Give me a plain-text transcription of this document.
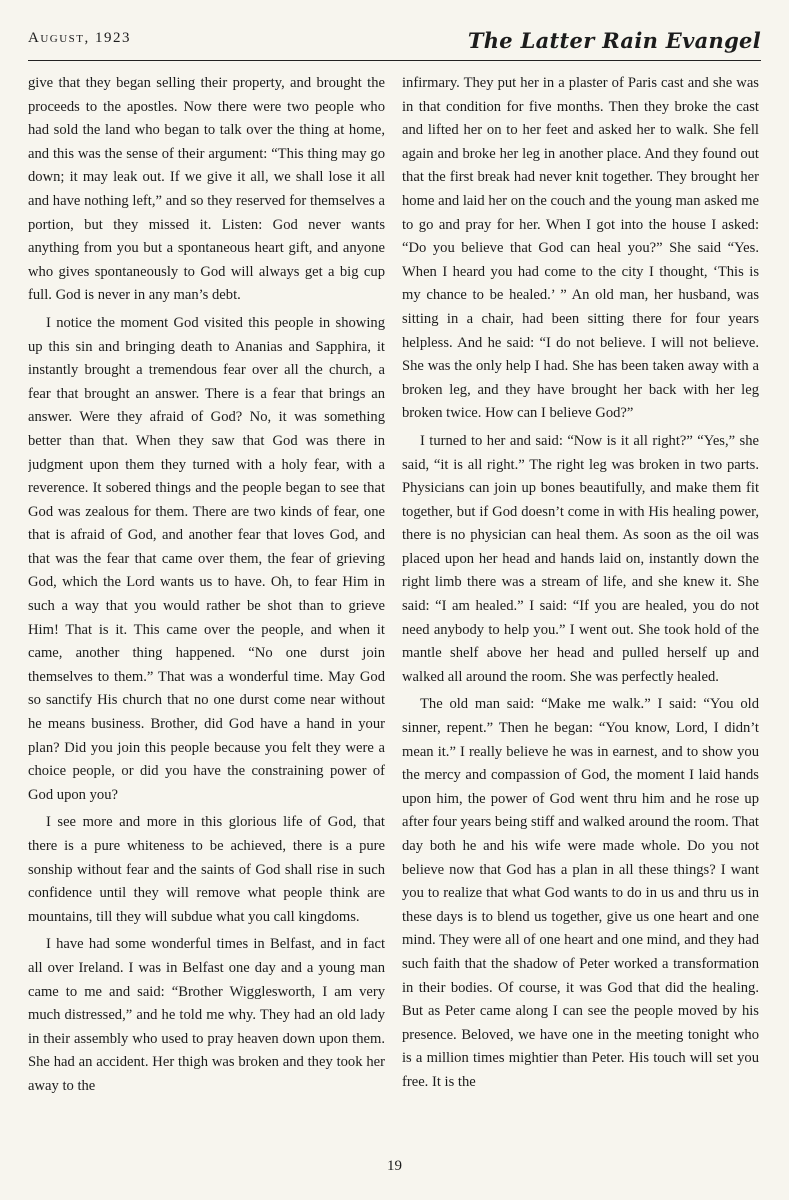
August, 1923	The Latter Rain Evangel

give that they began selling their property, and brought the proceeds to the apostles. Now there were two people who had sold the land who began to talk over the thing at home, and this was the sense of their argument: “This thing may go down; it may leak out. If we give it all, we shall lose it all and have nothing left,” and so they reserved for themselves a portion, but they missed it. Listen: God never wants anything from you but a spontaneous heart gift, and anyone who gives spontaneously to God will always get a big cup full. God is never in any man’s debt.

I notice the moment God visited this people in showing up this sin and bringing death to Ananias and Sapphira, it instantly brought a tremendous fear over all the church, a fear that brought an answer. There is a fear that brings an answer. Were they afraid of God? No, it was something better than that. When they saw that God was there in judgment upon them they turned with a holy fear, with a reverence. It sobered things and the people began to see that God was zealous for them. There are two kinds of fear, one that is afraid of God, and another fear that loves God, and that was the fear that came over them, the fear of grieving God, which the Lord wants us to have. Oh, to fear Him in such a way that you would rather be shot than to grieve Him! That is it. This came over the people, and when it came, another thing happened. “No one durst join themselves to them.” That was a wonderful time. May God so sanctify His church that no one durst come near without he means business. Brother, did God have a hand in your plan? Did you join this people because you felt they were a choice people, or did you have the constraining power of God upon you?

I see more and more in this glorious life of God, that there is a pure whiteness to be achieved, there is a pure sonship without fear and the saints of God shall rise in such confidence until they will remove what people think are mountains, till they will subdue what you call kingdoms.

I have had some wonderful times in Belfast, and in fact all over Ireland. I was in Belfast one day and a young man came to me and said: “Brother Wigglesworth, I am very much distressed,” and he told me why. They had an old lady in their assembly who used to pray heaven down upon them. She had an accident. Her thigh was broken and they took her away to the

infirmary. They put her in a plaster of Paris cast and she was in that condition for five months. Then they broke the cast and lifted her on to her feet and asked her to walk. She fell again and broke her leg in another place. And they found out that the first break had never knit together. They brought her home and laid her on the couch and the young man asked me to go and pray for her. When I got into the house I asked: “Do you believe that God can heal you?” She said “Yes. When I heard you had come to the city I thought, ‘This is my chance to be healed.’ ” An old man, her husband, was sitting in a chair, had been sitting there for four years helpless. And he said: “I do not believe. I will not believe. She was the only help I had. She has been taken away with a broken leg, and they have brought her back with her leg broken twice. How can I believe God?”

I turned to her and said: “Now is it all right?” “Yes,” she said, “it is all right.” The right leg was broken in two parts. Physicians can join up bones beautifully, and make them fit together, but if God doesn’t come in with His healing power, there is no physician can heal them. As soon as the oil was placed upon her head and hands laid on, instantly down the right limb there was a stream of life, and she knew it. She said: “I am healed.” I said: “If you are healed, you do not need anybody to help you.” I went out. She took hold of the mantle shelf above her head and pulled herself up and walked all around the room. She was perfectly healed.

The old man said: “Make me walk.” I said: “You old sinner, repent.” Then he began: “You know, Lord, I didn’t mean it.” I really believe he was in earnest, and to show you the mercy and compassion of God, the moment I laid hands upon him, the power of God went thru him and he rose up after four years being stiff and walked around the room. That day both he and his wife were made whole. Do you not believe now that God has a plan in all these things? I want you to realize that what God wants to do in us and thru us in these days is to blend us together, give us one heart and one mind. They were all of one heart and one mind, and they had such faith that the shadow of Peter worked a transformation in their bodies. Of course, it was God that did the healing. But as Peter came along I can see the people moved by his presence. Beloved, we have one in the meeting tonight who is a million times mightier than Peter. His touch will set you free. It is the

19
